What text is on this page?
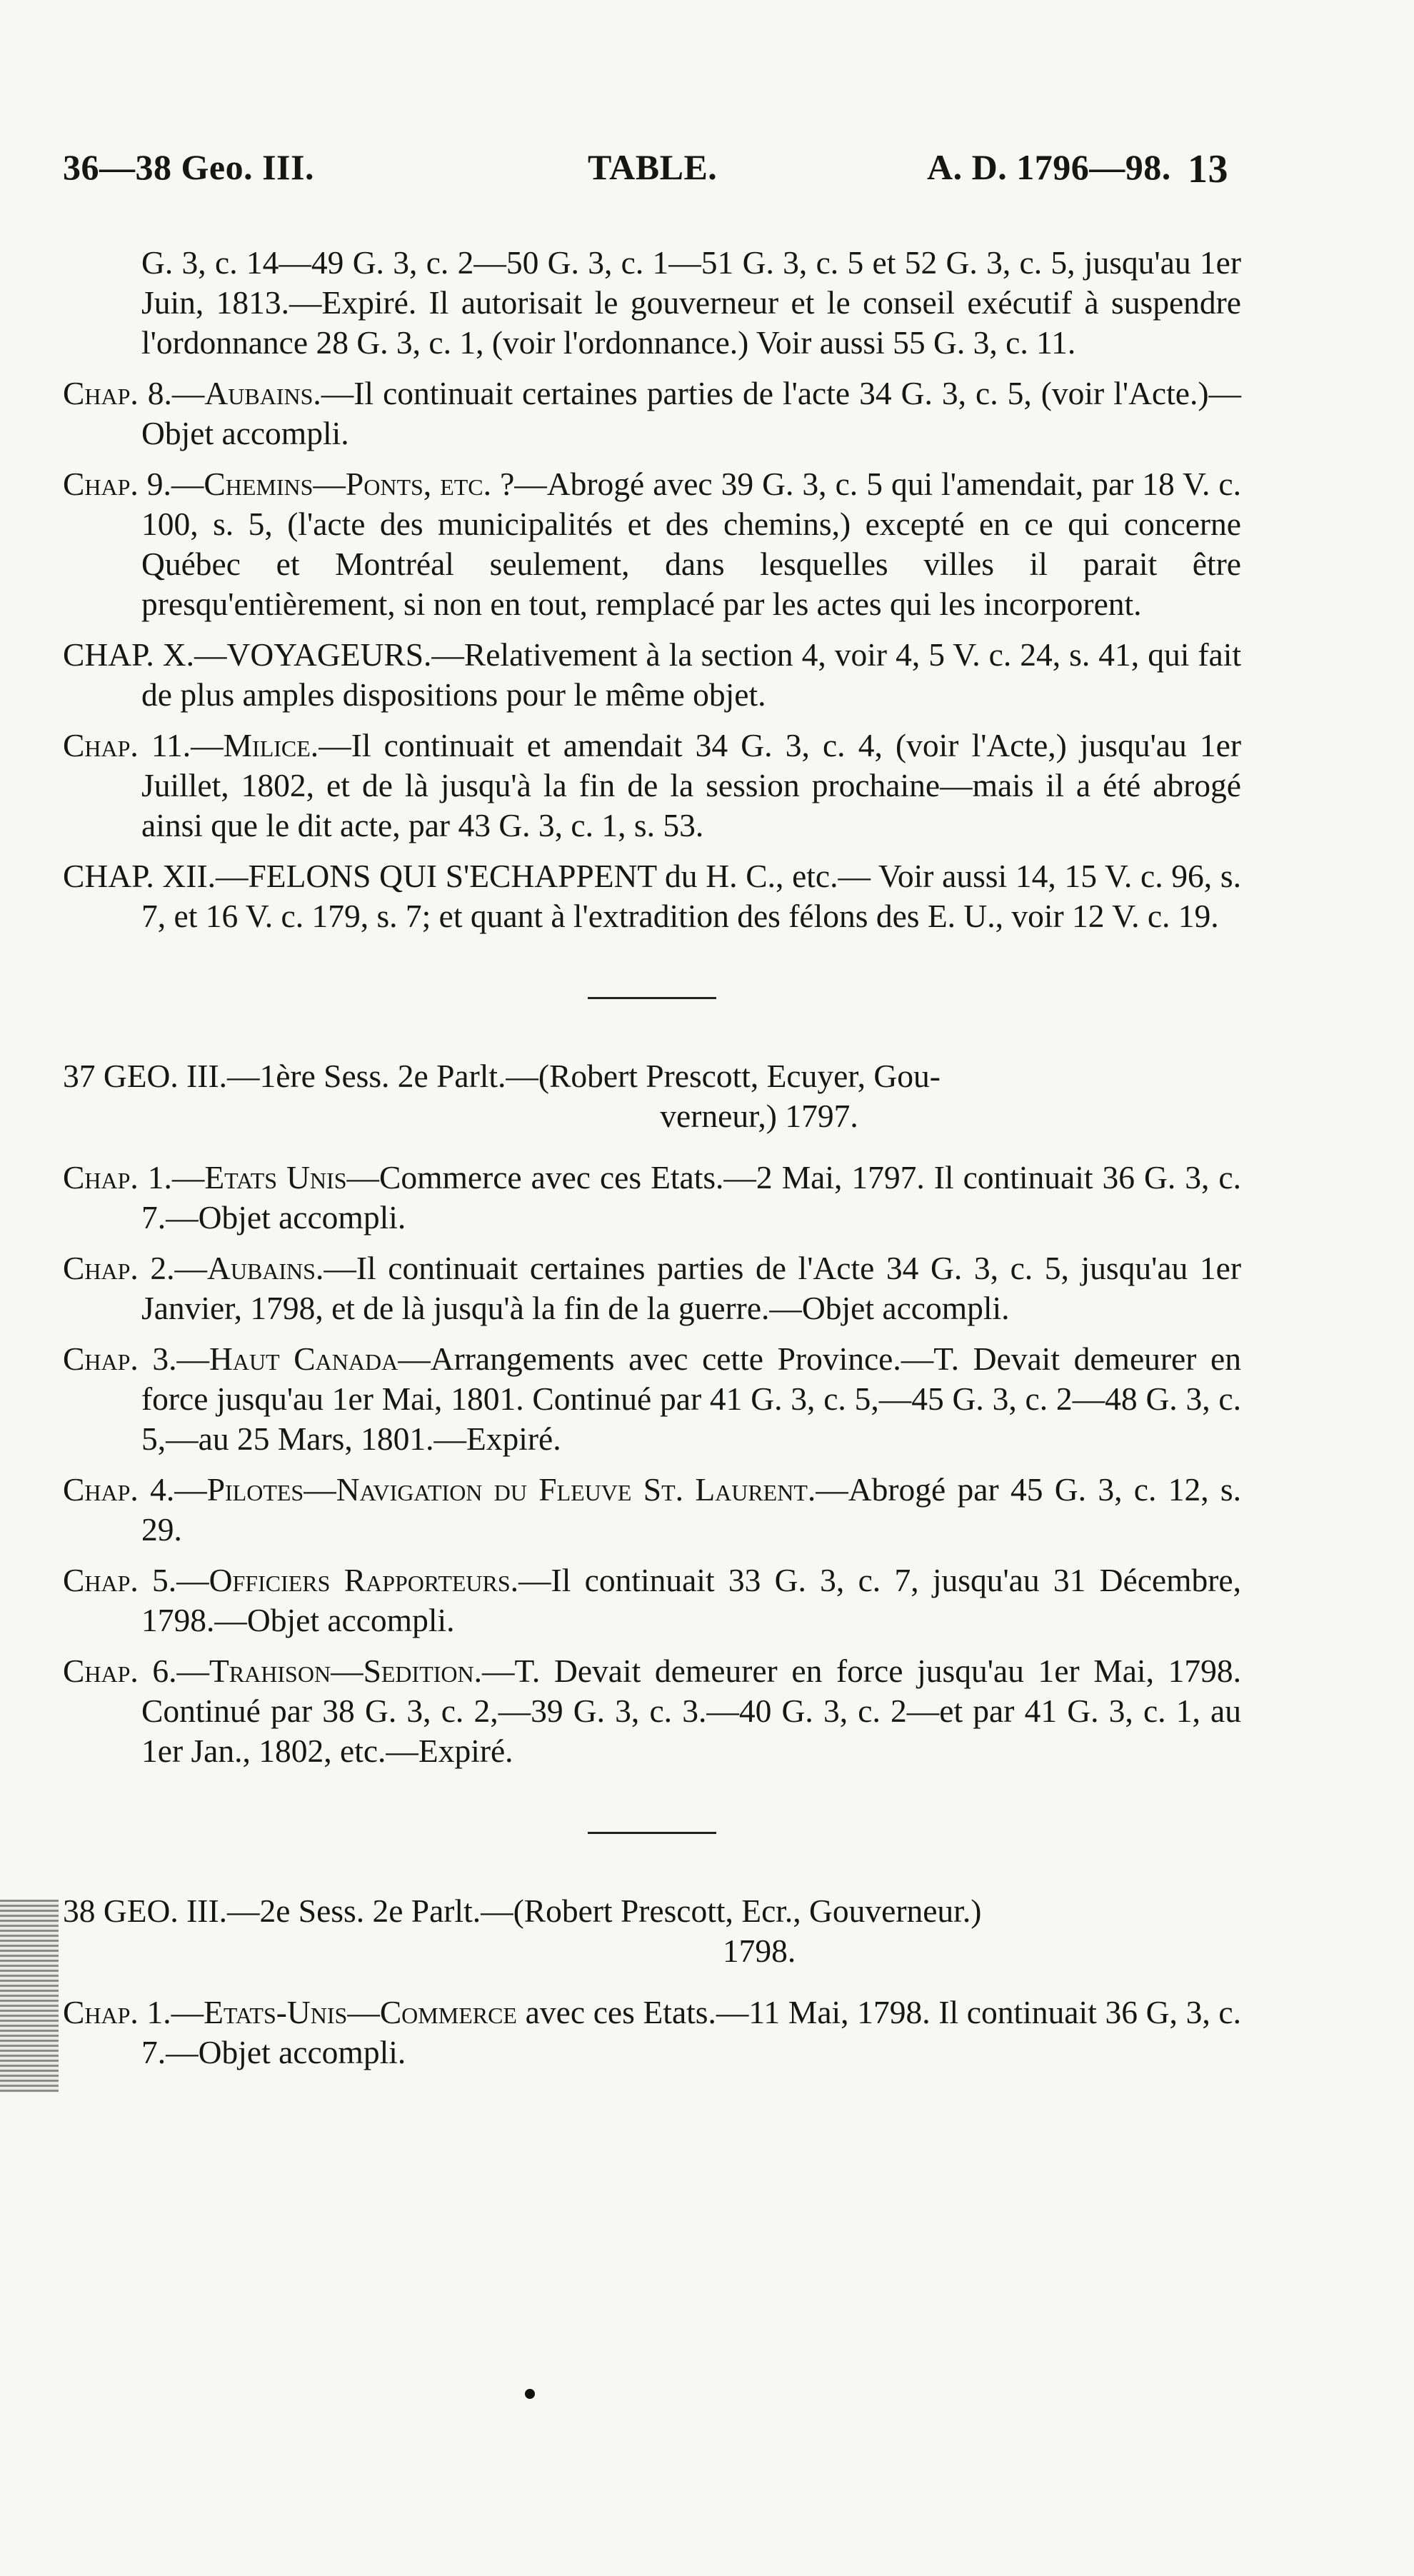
36—38 Geo. III.	TABLE.	A. D. 1796—98. 13

G. 3, c. 14—49 G. 3, c. 2—50 G. 3, c. 1—51 G. 3, c. 5 et 52 G. 3, c. 5, jusqu'au 1er Juin, 1813.—Expiré. Il autorisait le gouverneur et le conseil exécutif à suspendre l'ordonnance 28 G. 3, c. 1, (voir l'ordonnance.) Voir aussi 55 G. 3, c. 11.

Chap. 8.—Aubains.—Il continuait certaines parties de l'acte 34 G. 3, c. 5, (voir l'Acte.)—Objet accompli.

Chap. 9.—Chemins—Ponts, etc. ?—Abrogé avec 39 G. 3, c. 5 qui l'amendait, par 18 V. c. 100, s. 5, (l'acte des municipalités et des chemins,) excepté en ce qui concerne Québec et Montréal seulement, dans lesquelles villes il parait être presqu'entièrement, si non en tout, remplacé par les actes qui les incorporent.

CHAP. X.—VOYAGEURS.—Relativement à la section 4, voir 4, 5 V. c. 24, s. 41, qui fait de plus amples dispositions pour le même objet.

Chap. 11.—Milice.—Il continuait et amendait 34 G. 3, c. 4, (voir l'Acte,) jusqu'au 1er Juillet, 1802, et de là jusqu'à la fin de la session prochaine—mais il a été abrogé ainsi que le dit acte, par 43 G. 3, c. 1, s. 53.

CHAP. XII.—FELONS QUI S'ECHAPPENT du H. C., etc.— Voir aussi 14, 15 V. c. 96, s. 7, et 16 V. c. 179, s. 7; et quant à l'extradition des félons des E. U., voir 12 V. c. 19.

37 GEO. III.—1ère Sess. 2e Parlt.—(Robert Prescott, Ecuyer, Gou-
verneur,) 1797.

Chap. 1.—Etats Unis—Commerce avec ces Etats.—2 Mai, 1797. Il continuait 36 G. 3, c. 7.—Objet accompli.

Chap. 2.—Aubains.—Il continuait certaines parties de l'Acte 34 G. 3, c. 5, jusqu'au 1er Janvier, 1798, et de là jusqu'à la fin de la guerre.—Objet accompli.

Chap. 3.—Haut Canada—Arrangements avec cette Province.—T. Devait demeurer en force jusqu'au 1er Mai, 1801. Continué par 41 G. 3, c. 5,—45 G. 3, c. 2—48 G. 3, c. 5,—au 25 Mars, 1801.—Expiré.

Chap. 4.—Pilotes—Navigation du Fleuve St. Laurent.—Abrogé par 45 G. 3, c. 12, s. 29.

Chap. 5.—Officiers Rapporteurs.—Il continuait 33 G. 3, c. 7, jusqu'au 31 Décembre, 1798.—Objet accompli.

Chap. 6.—Trahison—Sedition.—T. Devait demeurer en force jusqu'au 1er Mai, 1798. Continué par 38 G. 3, c. 2,—39 G. 3, c. 3.—40 G. 3, c. 2—et par 41 G. 3, c. 1, au 1er Jan., 1802, etc.—Expiré.

38 GEO. III.—2e Sess. 2e Parlt.—(Robert Prescott, Ecr., Gouverneur.)
1798.

Chap. 1.—Etats-Unis—Commerce avec ces Etats.—11 Mai, 1798. Il continuait 36 G, 3, c. 7.—Objet accompli.
